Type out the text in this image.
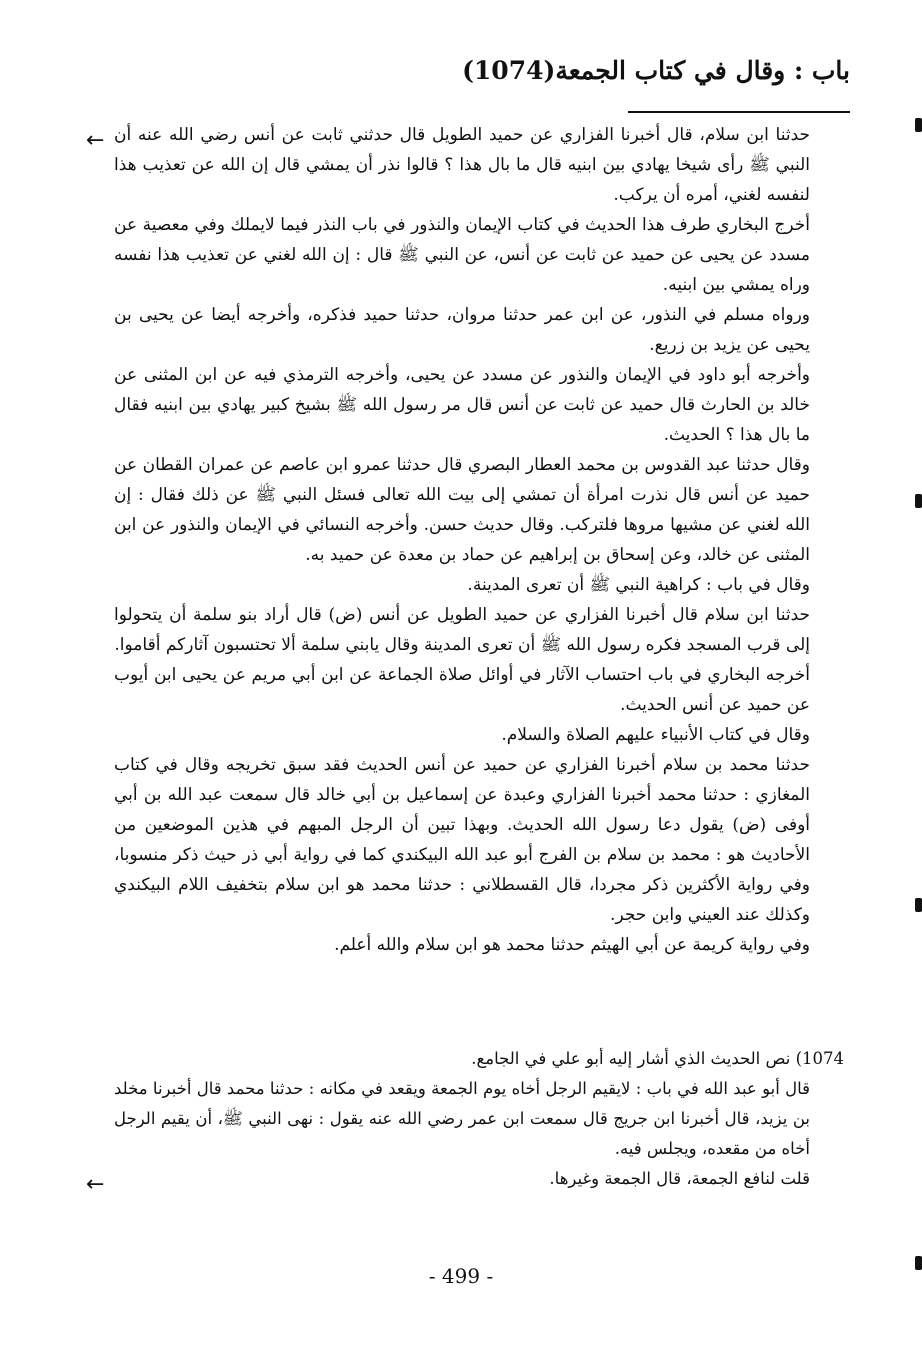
باب : وقال في كتاب الجمعة(1074)
← حدثنا ابن سلام، قال أخبرنا الفزاري عن حميد الطويل قال حدثني ثابت عن أنس رضي الله عنه أن النبي ﷺ رأى شيخا يهادي بين ابنيه قال ما بال هذا ؟ قالوا نذر أن يمشي قال إن الله عن تعذيب هذا لنفسه لغني، أمره أن يركب.

أخرج البخاري طرف هذا الحديث في كتاب الإيمان والنذور في باب النذر فيما لايملك وفي معصية عن مسدد عن يحيى عن حميد عن ثابت عن أنس، عن النبي ﷺ قال : إن الله لغني عن تعذيب هذا نفسه وراه يمشي بين ابنيه.

ورواه مسلم في النذور، عن ابن عمر حدثنا مروان، حدثنا حميد فذكره، وأخرجه أيضا عن يحيى بن يحيى عن يزيد بن زريع.

وأخرجه أبو داود في الإيمان والنذور عن مسدد عن يحيى، وأخرجه الترمذي فيه عن ابن المثنى عن خالد بن الحارث قال حميد عن ثابت عن أنس قال مر رسول الله ﷺ بشيخ كبير يهادي بين ابنيه فقال ما بال هذا ؟ الحديث.

وقال حدثنا عبد القدوس بن محمد العطار البصري قال حدثنا عمرو ابن عاصم عن عمران القطان عن حميد عن أنس قال نذرت امرأة أن تمشي إلى بيت الله تعالى فسئل النبي ﷺ عن ذلك فقال : إن الله لغني عن مشيها مروها فلتركب. وقال حديث حسن. وأخرجه النسائي في الإيمان والنذور عن ابن المثنى عن خالد، وعن إسحاق بن إبراهيم عن حماد بن معدة عن حميد به.

وقال في باب : كراهية النبي ﷺ أن تعرى المدينة.

حدثنا ابن سلام قال أخبرنا الفزاري عن حميد الطويل عن أنس (ض) قال أراد بنو سلمة أن يتحولوا إلى قرب المسجد فكره رسول الله ﷺ أن تعرى المدينة وقال يابني سلمة ألا تحتسبون آثاركم أقاموا.

أخرجه البخاري في باب احتساب الآثار في أوائل صلاة الجماعة عن ابن أبي مريم عن يحيى ابن أيوب عن حميد عن أنس الحديث.

وقال في كتاب الأنبياء عليهم الصلاة والسلام.

حدثنا محمد بن سلام أخبرنا الفزاري عن حميد عن أنس الحديث فقد سبق تخريجه وقال في كتاب المغازي : حدثنا محمد أخبرنا الفزاري وعبدة عن إسماعيل بن أبي خالد قال سمعت عبد الله بن أبي أوفى (ض) يقول دعا رسول الله الحديث. وبهذا تبين أن الرجل المبهم في هذين الموضعين من الأحاديث هو : محمد بن سلام بن الفرج أبو عبد الله البيكندي كما في رواية أبي ذر حيث ذكر منسوبا، وفي رواية الأكثرين ذكر مجردا، قال القسطلاني : حدثنا محمد هو ابن سلام بتخفيف اللام البيكندي وكذلك عند العيني وابن حجر.

وفي رواية كريمة عن أبي الهيثم حدثنا محمد هو ابن سلام والله أعلم.

1074) نص الحديث الذي أشار إليه أبو علي في الجامع.

قال أبو عبد الله في باب : لايقيم الرجل أخاه يوم الجمعة ويقعد في مكانه : حدثنا محمد قال أخبرنا مخلد بن يزيد، قال أخبرنا ابن جريج قال سمعت ابن عمر رضي الله عنه يقول : نهى النبي ﷺ، أن يقيم الرجل أخاه من مقعده، ويجلس فيه.

قلت لنافع الجمعة، قال الجمعة وغيرها.

←
- 499 -
